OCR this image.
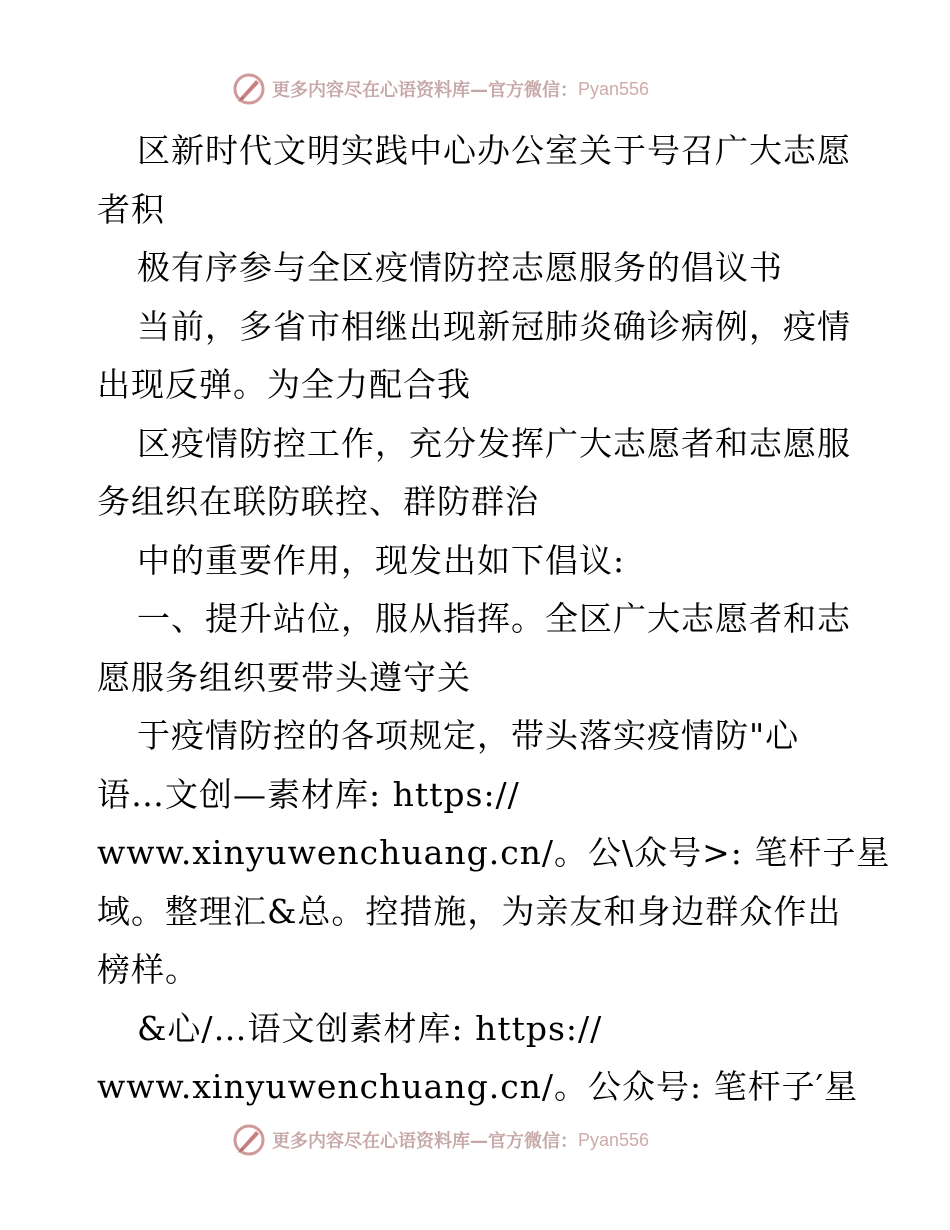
更多内容尽在心语资料库—官方微信： Pyan556

区新时代文明实践中心办公室关于号召广大志愿

者积

极有序参与全区疫情防控志愿服务的倡议书

当前，多省市相继出现新冠肺炎确诊病例，疫情

出现反弹。为全力配合我

区疫情防控工作，充分发挥广大志愿者和志愿服

务组织在联防联控、群防群治

中的重要作用，现发出如下倡议:

一、提升站位，服从指挥。全区广大志愿者和志

愿服务组织要带头遵守关

于疫情防控的各项规定，带头落实疫情防"心

语…文创—素材库: https://

www.xinyuwenchuang.cn/。公\众号>: 笔杆子星

域。整理汇&总。控措施，为亲友和身边群众作出

榜样。

&心/…语文创素材库: https://

www.xinyuwenchuang.cn/。公众号: 笔杆子′星

更多内容尽在心语资料库—官方微信： Pyan556
